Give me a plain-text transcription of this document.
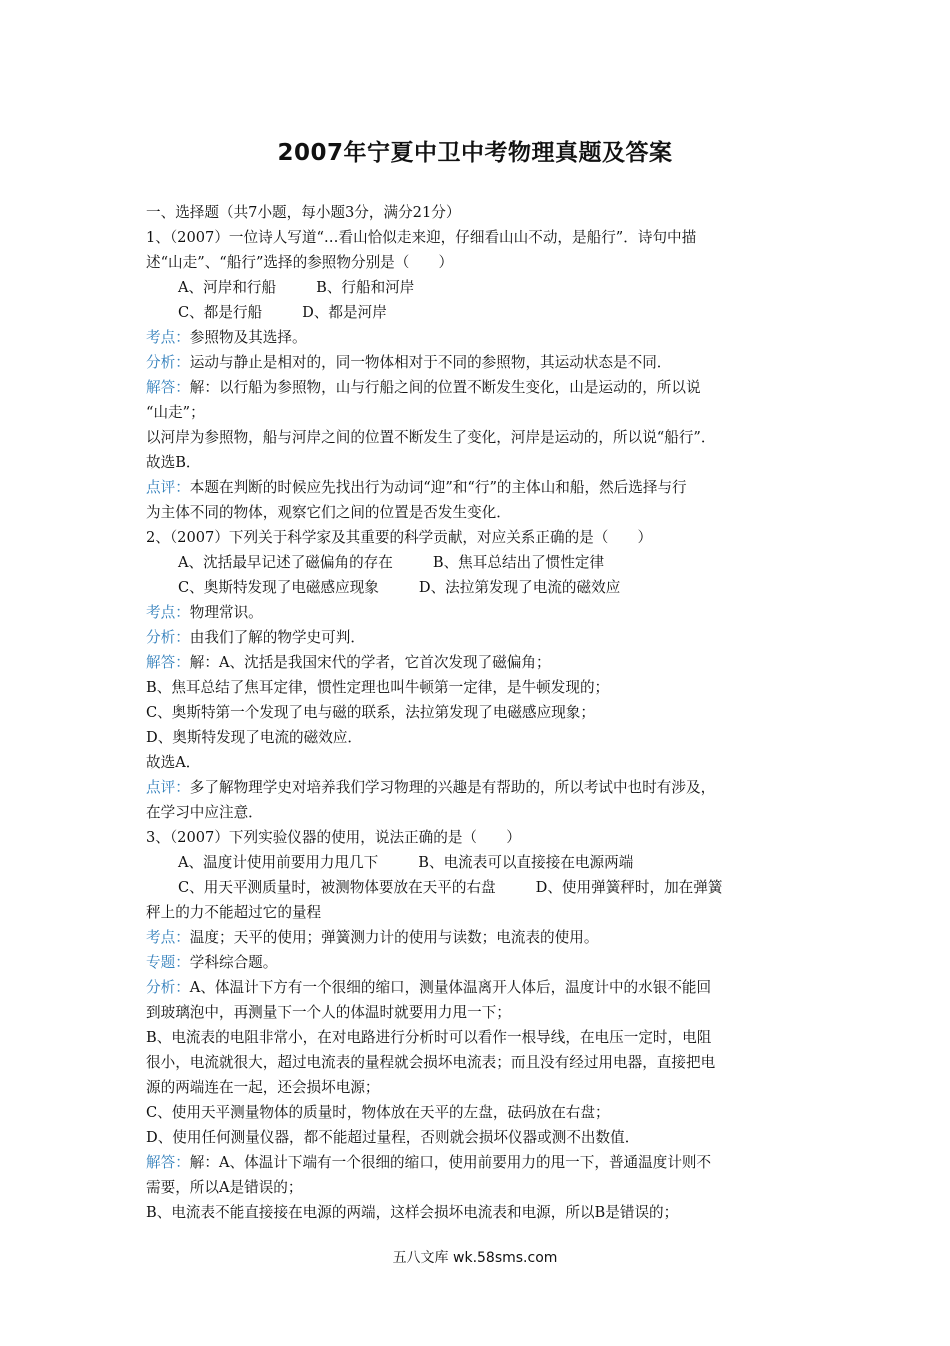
2007年宁夏中卫中考物理真题及答案
一、选择题（共7小题，每小题3分，满分21分）
1、（2007）一位诗人写道“…看山恰似走来迎，仔细看山山不动，是船行”．诗句中描
述“山走”、“船行”选择的参照物分别是（　　）
A、河岸和行船	B、行船和河岸
C、都是行船	D、都是河岸
考点：参照物及其选择。
分析：运动与静止是相对的，同一物体相对于不同的参照物，其运动状态是不同．
解答：解：以行船为参照物，山与行船之间的位置不断发生变化，山是运动的，所以说
“山走”；
以河岸为参照物，船与河岸之间的位置不断发生了变化，河岸是运动的，所以说“船行”．
故选B．
点评：本题在判断的时候应先找出行为动词“迎”和“行”的主体山和船，然后选择与行
为主体不同的物体，观察它们之间的位置是否发生变化．
2、（2007）下列关于科学家及其重要的科学贡献，对应关系正确的是（　　）
A、沈括最早记述了磁偏角的存在	B、焦耳总结出了惯性定律
C、奥斯特发现了电磁感应现象	D、法拉第发现了电流的磁效应
考点：物理常识。
分析：由我们了解的物学史可判．
解答：解：A、沈括是我国宋代的学者，它首次发现了磁偏角；
B、焦耳总结了焦耳定律，惯性定理也叫牛顿第一定律，是牛顿发现的；
C、奥斯特第一个发现了电与磁的联系，法拉第发现了电磁感应现象；
D、奥斯特发现了电流的磁效应．
故选A．
点评：多了解物理学史对培养我们学习物理的兴趣是有帮助的，所以考试中也时有涉及，
在学习中应注意．
3、（2007）下列实验仪器的使用，说法正确的是（　　）
A、温度计使用前要用力甩几下	B、电流表可以直接接在电源两端
C、用天平测质量时，被测物体要放在天平的右盘	D、使用弹簧秤时，加在弹簧
秤上的力不能超过它的量程
考点：温度；天平的使用；弹簧测力计的使用与读数；电流表的使用。
专题：学科综合题。
分析：A、体温计下方有一个很细的缩口，测量体温离开人体后，温度计中的水银不能回
到玻璃泡中，再测量下一个人的体温时就要用力甩一下；
B、电流表的电阻非常小，在对电路进行分析时可以看作一根导线，在电压一定时，电阻
很小，电流就很大，超过电流表的量程就会损坏电流表；而且没有经过用电器，直接把电
源的两端连在一起，还会损坏电源；
C、使用天平测量物体的质量时，物体放在天平的左盘，砝码放在右盘；
D、使用任何测量仪器，都不能超过量程，否则就会损坏仪器或测不出数值．
解答：解：A、体温计下端有一个很细的缩口，使用前要用力的甩一下，普通温度计则不
需要，所以A是错误的；
B、电流表不能直接接在电源的两端，这样会损坏电流表和电源，所以B是错误的；
五八文库 wk.58sms.com
